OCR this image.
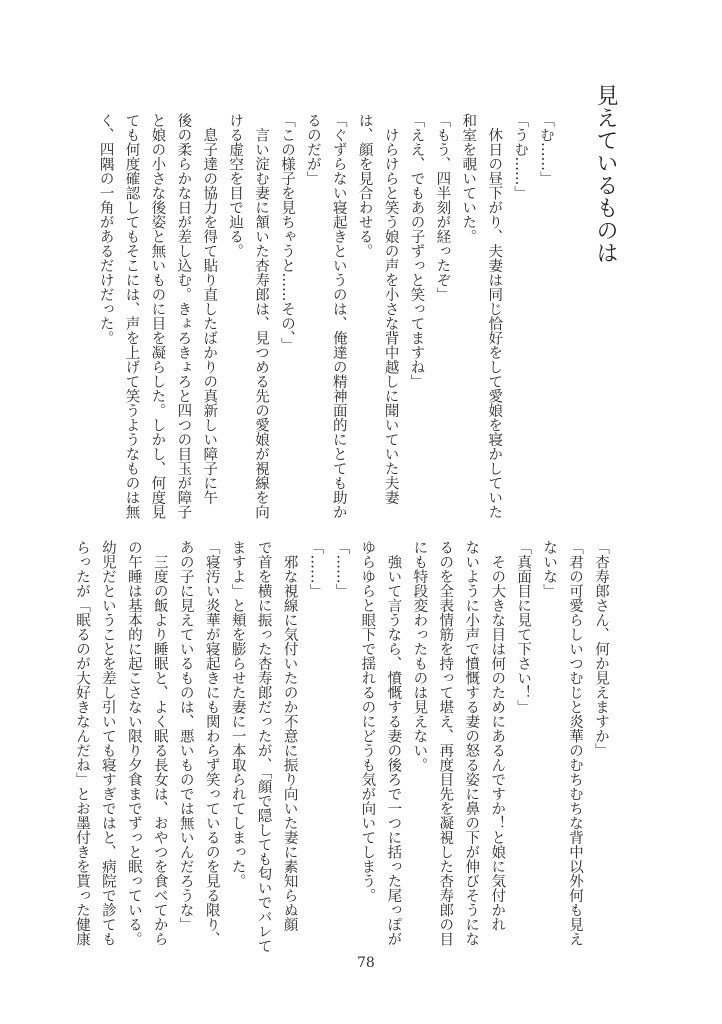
見えているものは
「む……」
「うむ……」
　休日の昼下がり、夫妻は同じ恰好をして愛娘を寝かしていた
和室を覗いていた。
「もう、四半刻が経ったぞ」
「ええ、でもあの子ずっと笑ってますね」
　けらけらと笑う娘の声を小さな背中越しに聞いていた夫妻
は、顔を見合わせる。
「ぐずらない寝起きというのは、俺達の精神面的にとても助か
るのだが」
「この様子を見ちゃうと……その、」
　言い淀む妻に頷いた杏寿郎は、見つめる先の愛娘が視線を向
ける虚空を目で辿る。
　息子達の協力を得て貼り直したばかりの真新しい障子に午
後の柔らかな日が差し込む。きょろきょろと四つの目玉が障子
と娘の小さな後姿と無いものに目を凝らした。しかし、何度見
ても何度確認してもそこには、声を上げて笑うようなものは無
く、四隅の一角があるだけだった。
「杏寿郎さん、何か見えますか」
「君の可愛らしいつむじと炎華のむちむちな背中以外何も見え
ないな」
「真面目に見て下さい！」
　その大きな目は何のためにあるんですか！と娘に気付かれ
ないように小声で憤慨する妻の怒る姿に鼻の下が伸びそうにな
るのを全表情筋を持って堪え、再度目先を凝視した杏寿郎の目
にも特段変わったものは見えない。
　強いて言うなら、憤慨する妻の後ろで一つに括った尾っぽが
ゆらゆらと眼下で揺れるのにどうも気が向いてしまう。
「……」
「……」
　邪な視線に気付いたのか不意に振り向いた妻に素知らぬ顔
で首を横に振った杏寿郎だったが、「顔で隠しても匂いでバレて
ますよ」と頬を膨らせた妻に一本取られてしまった。
「寝汚い炎華が寝起きにも関わらず笑っているのを見る限り、
あの子に見えているものは、悪いものでは無いんだろうな」
　三度の飯より睡眠と、よく眠る長女は、おやつを食べてから
の午睡は基本的に起こさない限り夕食までずっと眠っている。
幼児だということを差し引いても寝すぎではと、病院で診ても
らったが「眠るのが大好きなんだね」とお墨付きを貰った健康
78
